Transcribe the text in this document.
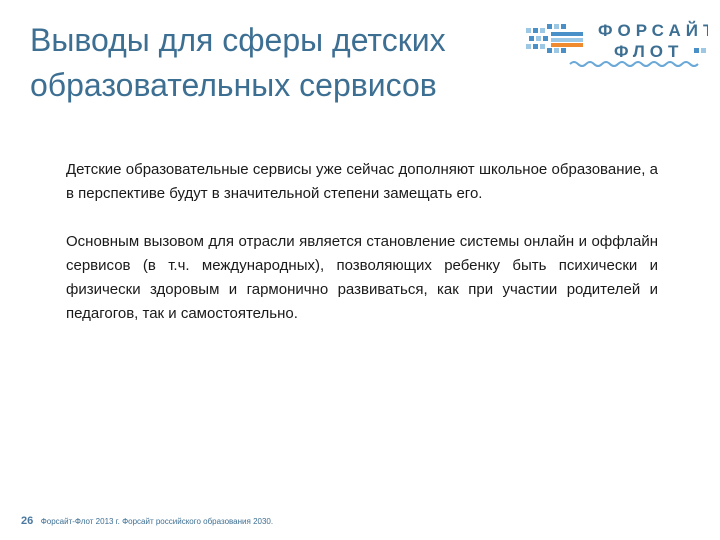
Выводы для сферы детских образовательных сервисов
ФОРСАЙТ
ФЛОТ

Детские образовательные сервисы уже сейчас дополняют школьное образование, а в перспективе будут в значительной степени замещать его.

Основным вызовом для отрасли является становление системы онлайн и оффлайн сервисов (в т.ч. международных), позволяющих ребенку быть психически и физически здоровым и гармонично развиваться, как при участии родителей и педагогов, так и самостоятельно.

26 Форсайт-Флот 2013 г. Форсайт российского образования 2030.
